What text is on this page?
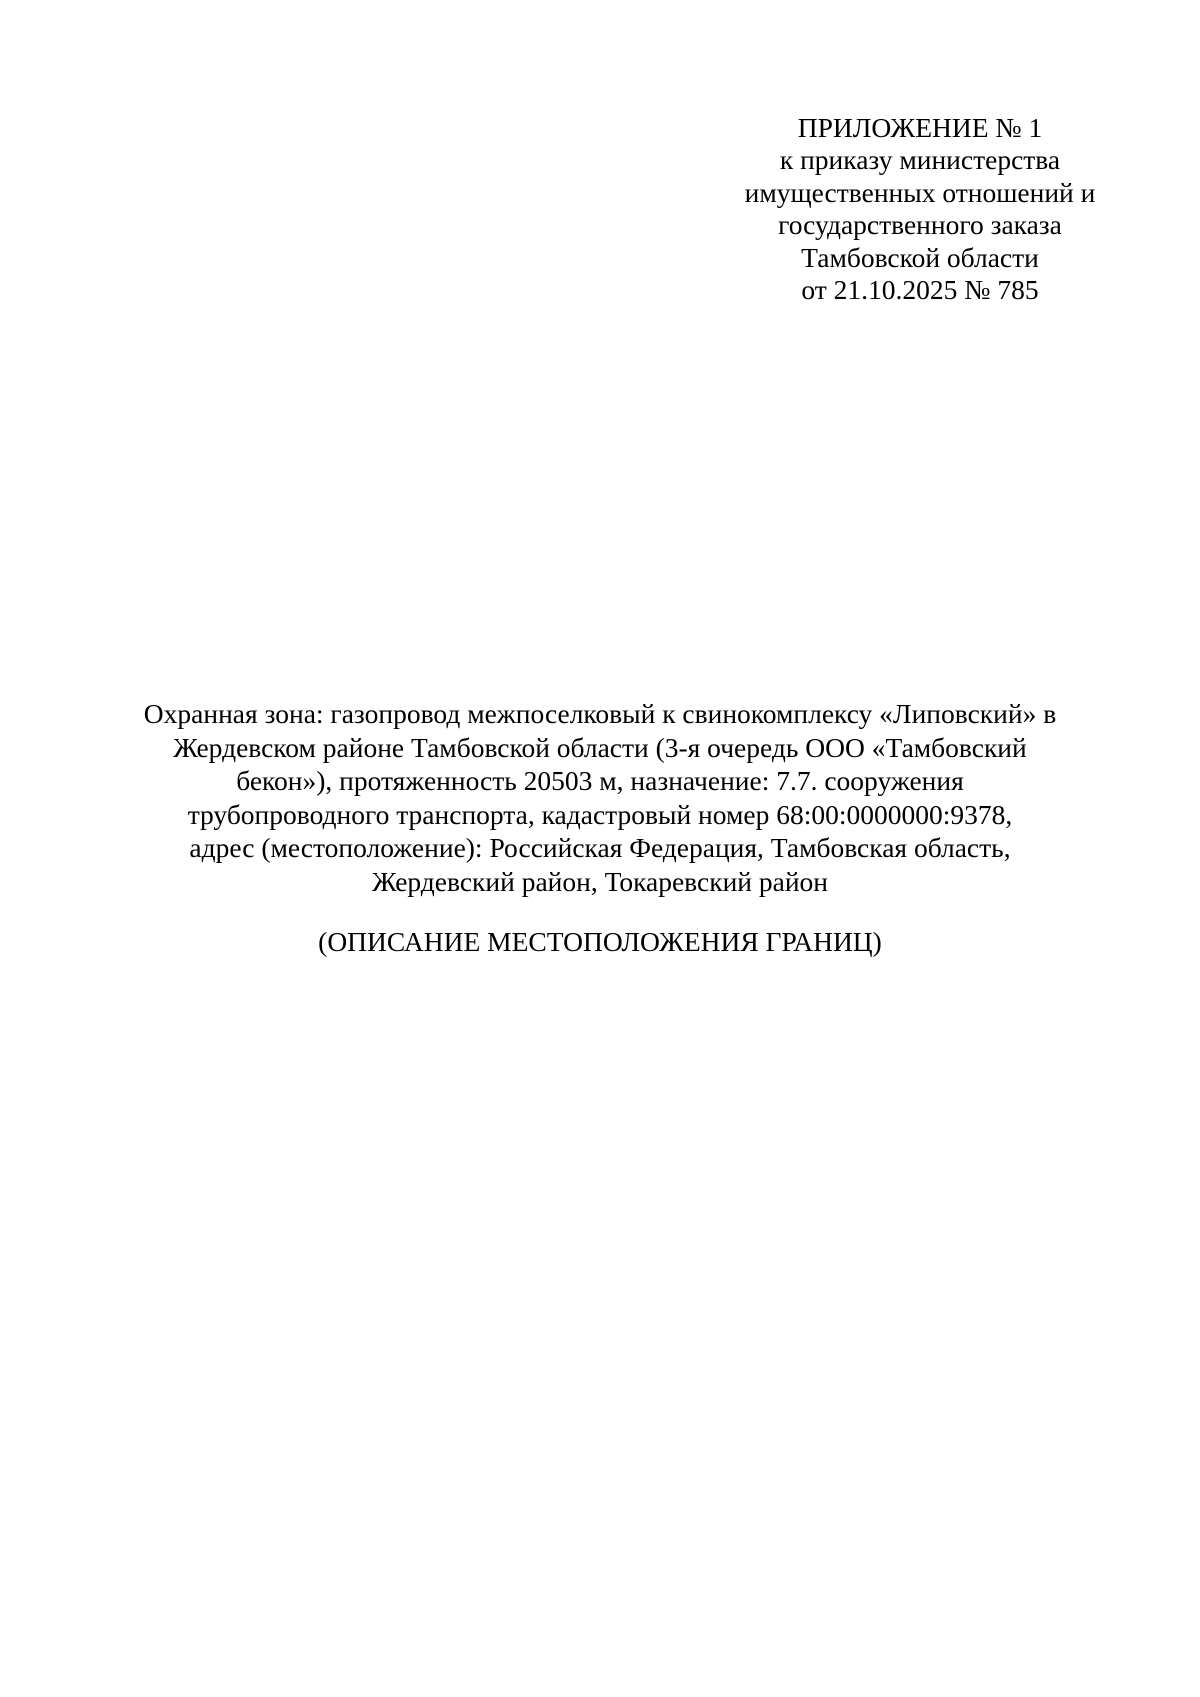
ПРИЛОЖЕНИЕ № 1
к приказу министерства
имущественных отношений и
государственного заказа
Тамбовской области
от 21.10.2025 № 785
Охранная зона: газопровод межпоселковый к свинокомплексу «Липовский» в
Жердевском районе Тамбовской области (3-я очередь ООО «Тамбовский
бекон»), протяженность 20503 м, назначение: 7.7. сооружения
трубопроводного транспорта, кадастровый номер 68:00:0000000:9378,
адрес (местоположение): Российская Федерация, Тамбовская область,
Жердевский район, Токаревский район
(ОПИСАНИЕ МЕСТОПОЛОЖЕНИЯ ГРАНИЦ)
